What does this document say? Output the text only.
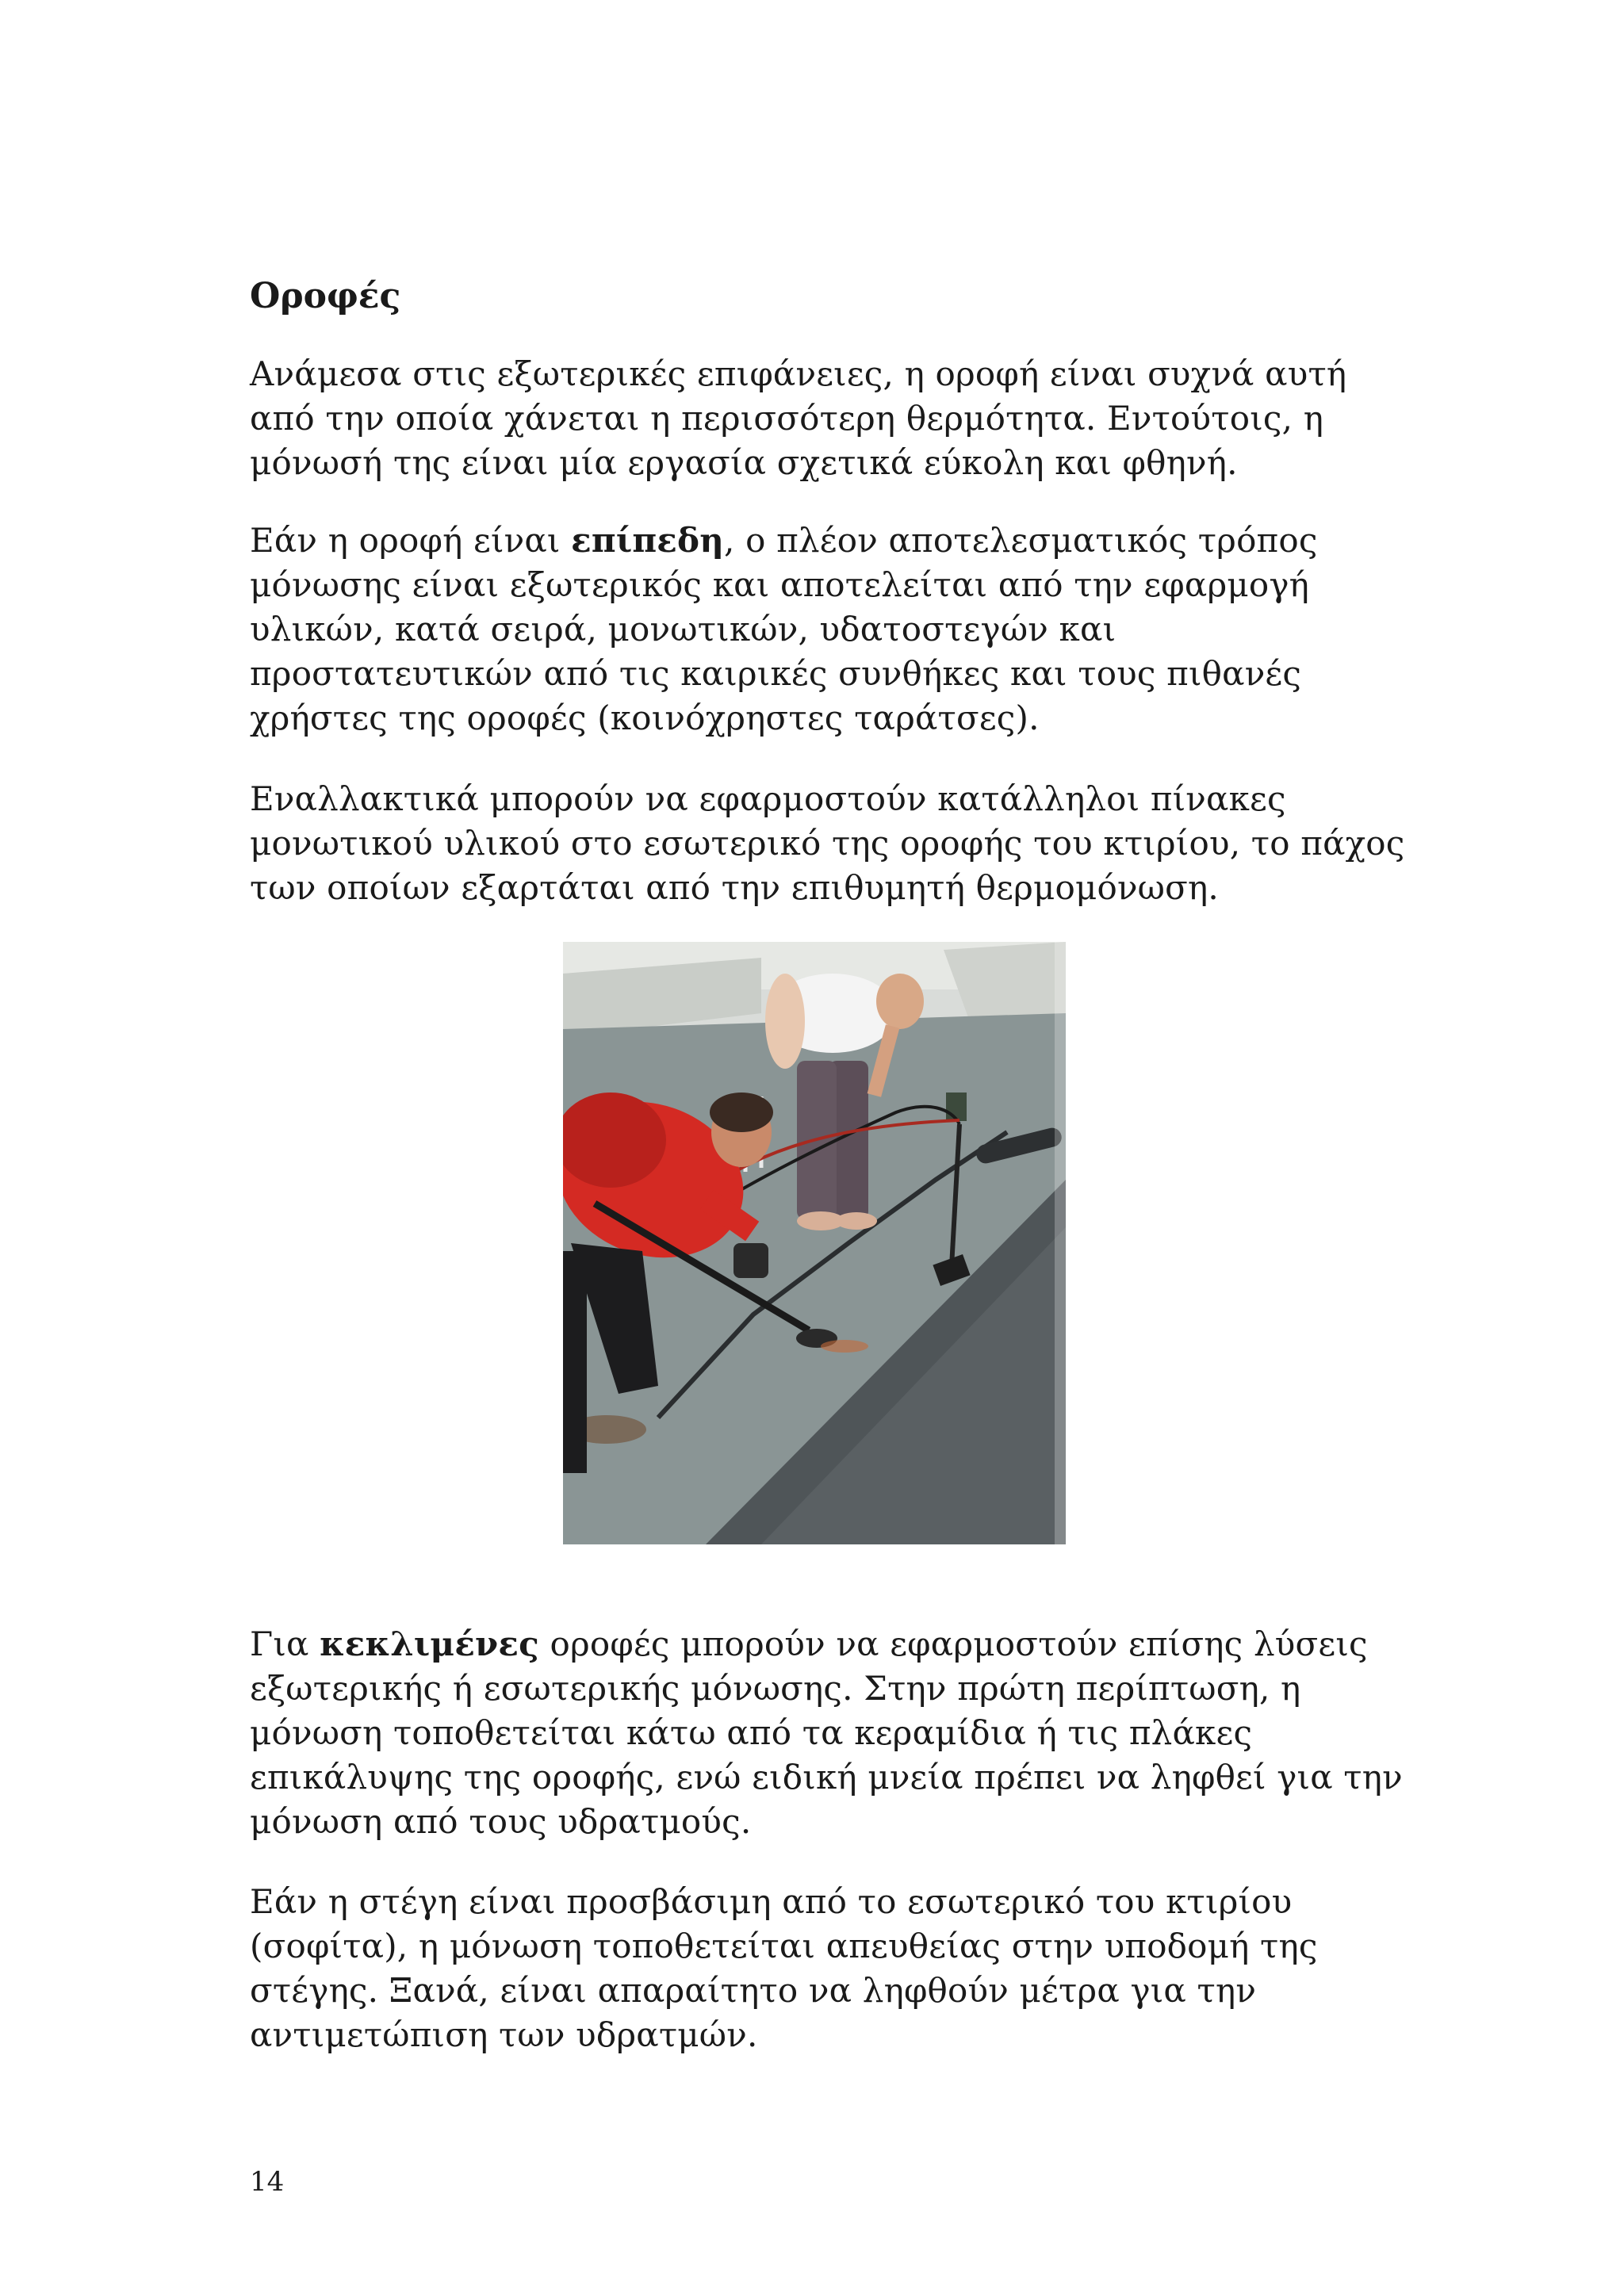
Οροφές

Ανάμεσα στις εξωτερικές επιφάνειες, η οροφή είναι συχνά αυτή από την οποία χάνεται η περισσότερη θερμότητα. Εντούτοις, η μόνωσή της είναι μία εργασία σχετικά εύκολη και φθηνή.

Εάν η οροφή είναι επίπεδη, ο πλέον αποτελεσματικός τρόπος μόνωσης είναι εξωτερικός και αποτελείται από την εφαρμογή υλικών, κατά σειρά, μονωτικών, υδατοστεγών και προστατευτικών από τις καιρικές συνθήκες και τους πιθανές χρήστες της οροφές (κοινόχρηστες ταράτσες).

Εναλλακτικά μπορούν να εφαρμοστούν κατάλληλοι πίνακες μονωτικού υλικού στο εσωτερικό της οροφής του κτιρίου, το πάχος των οποίων εξαρτάται από την επιθυμητή θερμομόνωση.

Για κεκλιμένες οροφές μπορούν να εφαρμοστούν επίσης λύσεις εξωτερικής ή εσωτερικής μόνωσης. Στην πρώτη περίπτωση, η μόνωση τοποθετείται κάτω από τα κεραμίδια ή τις πλάκες επικάλυψης της οροφής, ενώ ειδική μνεία πρέπει να ληφθεί για την μόνωση από τους υδρατμούς.

Εάν η στέγη είναι προσβάσιμη από το εσωτερικό του κτιρίου (σοφίτα), η μόνωση τοποθετείται απευθείας στην υποδομή της στέγης. Ξανά, είναι απαραίτητο να ληφθούν μέτρα για την αντιμετώπιση των υδρατμών.

14
